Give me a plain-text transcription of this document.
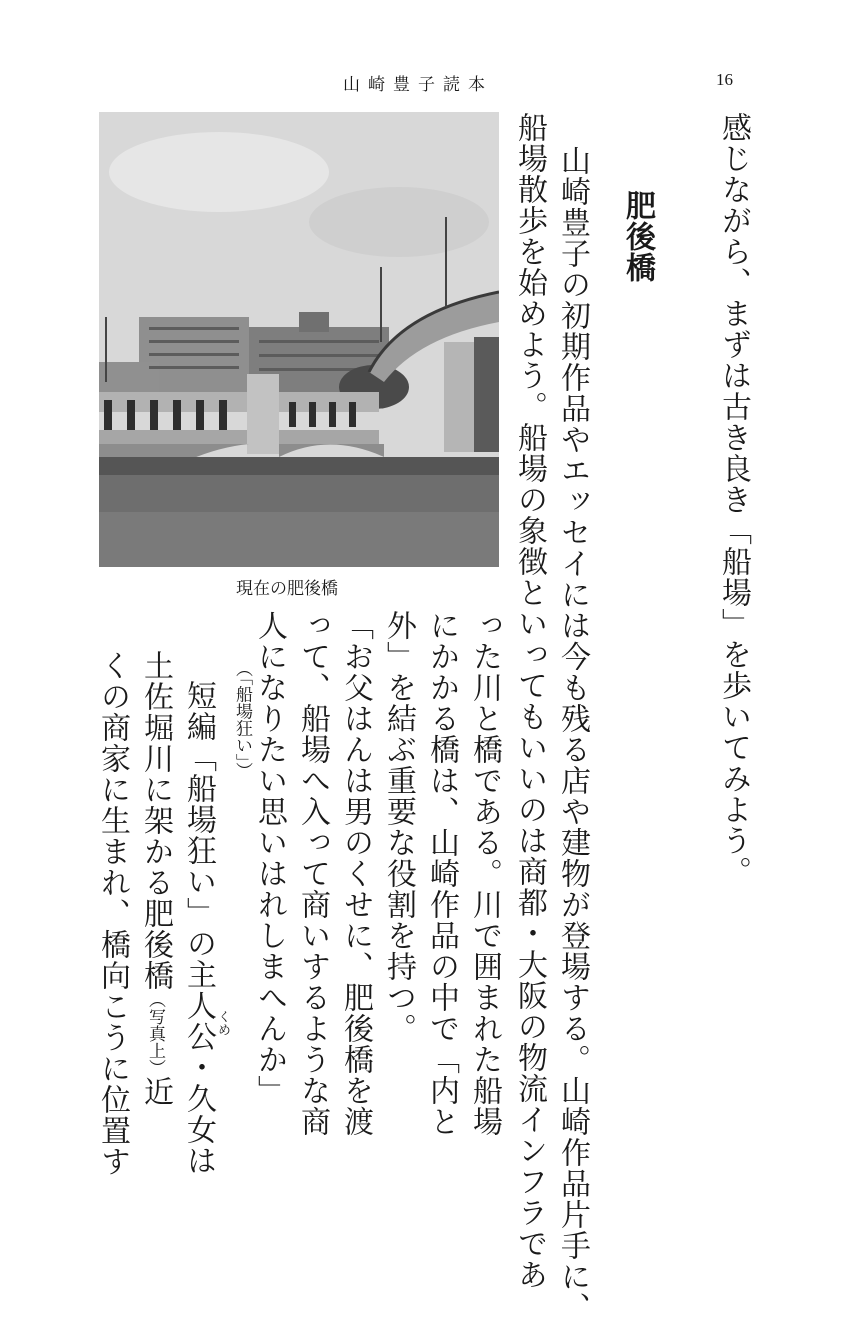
山崎豊子読本	16
感じながら、まずは古き良き「船場」を歩いてみよう。
肥後橋
山崎豊子の初期作品やエッセイには今も残る店や建物が登場する。山崎作品片手に、
船場散歩を始めよう。船場の象徴といってもいいのは商都・大阪の物流インフラであ
った川と橋である。川で囲まれた船場
にかかる橋は、山崎作品の中で「内と
外」を結ぶ重要な役割を持つ。
「お父はんは男のくせに、肥後橋を渡
って、船場へ入って商いするような商
人になりたい思いはれしまへんか」
（「船場狂い」）
短編「船場狂い」の主人公・久女は
くめ
土佐堀川に架かる肥後橋（写真上）近
くの商家に生まれ、橋向こうに位置す
現在の肥後橋
